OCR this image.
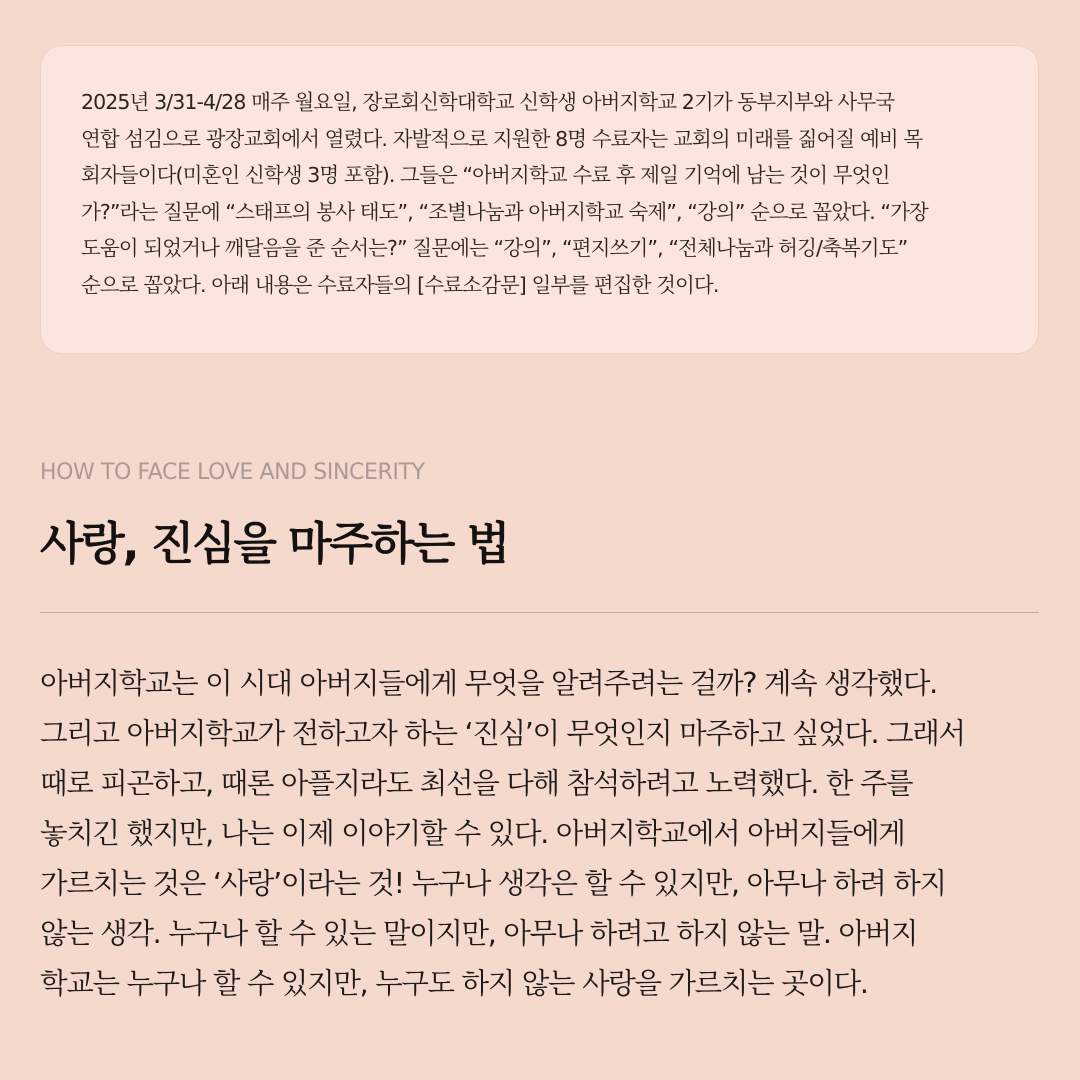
2025년 3/31-4/28 매주 월요일, 장로회신학대학교 신학생 아버지학교 2기가 동부지부와 사무국
연합 섬김으로 광장교회에서 열렸다. 자발적으로 지원한 8명 수료자는 교회의 미래를 짊어질 예비 목
회자들이다(미혼인 신학생 3명 포함). 그들은 “아버지학교 수료 후 제일 기억에 남는 것이 무엇인
가?”라는 질문에 “스태프의 봉사 태도”, “조별나눔과 아버지학교 숙제”, “강의” 순으로 꼽았다. “가장
도움이 되었거나 깨달음을 준 순서는?” 질문에는 “강의”, “편지쓰기”, “전체나눔과 허깅/축복기도”
순으로 꼽았다. 아래 내용은 수료자들의 [수료소감문] 일부를 편집한 것이다.

HOW TO FACE LOVE AND SINCERITY

사랑, 진심을 마주하는 법

아버지학교는 이 시대 아버지들에게 무엇을 알려주려는 걸까? 계속 생각했다.
그리고 아버지학교가 전하고자 하는 ‘진심’이 무엇인지 마주하고 싶었다. 그래서
때로 피곤하고, 때론 아플지라도 최선을 다해 참석하려고 노력했다. 한 주를
놓치긴 했지만, 나는 이제 이야기할 수 있다. 아버지학교에서 아버지들에게
가르치는 것은 ‘사랑’이라는 것! 누구나 생각은 할 수 있지만, 아무나 하려 하지
않는 생각. 누구나 할 수 있는 말이지만, 아무나 하려고 하지 않는 말. 아버지
학교는 누구나 할 수 있지만, 누구도 하지 않는 사랑을 가르치는 곳이다.
